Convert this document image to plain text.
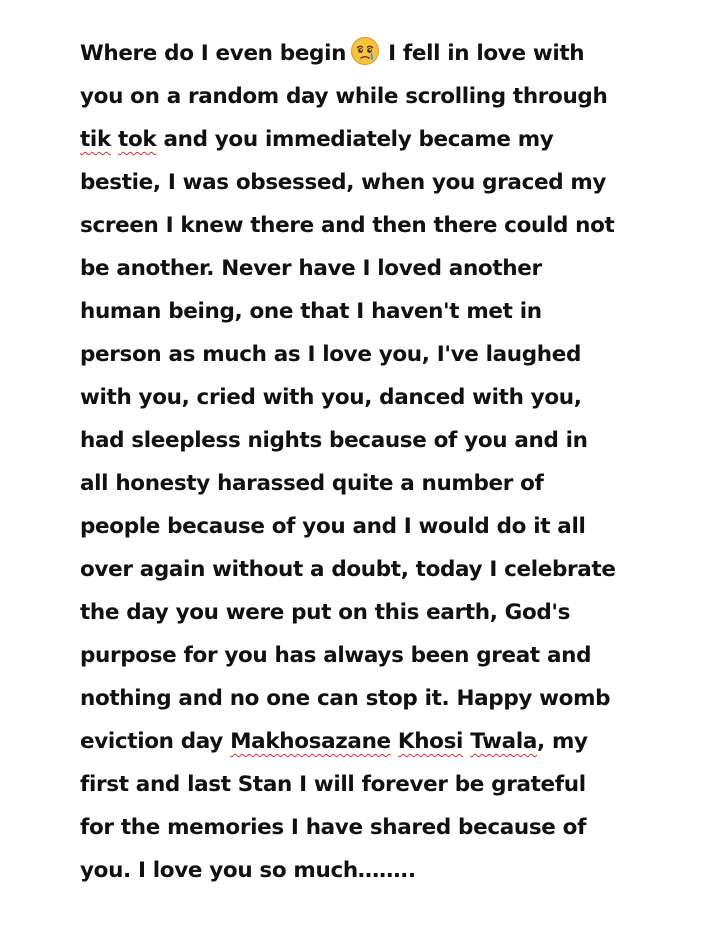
Where do I even begin I fell in love with
you on a random day while scrolling through
tik tok and you immediately became my
bestie, I was obsessed, when you graced my
screen I knew there and then there could not
be another. Never have I loved another
human being, one that I haven't met in
person as much as I love you, I've laughed
with you, cried with you, danced with you,
had sleepless nights because of you and in
all honesty harassed quite a number of
people because of you and I would do it all
over again without a doubt, today I celebrate
the day you were put on this earth, God's
purpose for you has always been great and
nothing and no one can stop it. Happy womb
eviction day Makhosazane Khosi Twala, my
first and last Stan I will forever be grateful
for the memories I have shared because of
you. I love you so much……..
